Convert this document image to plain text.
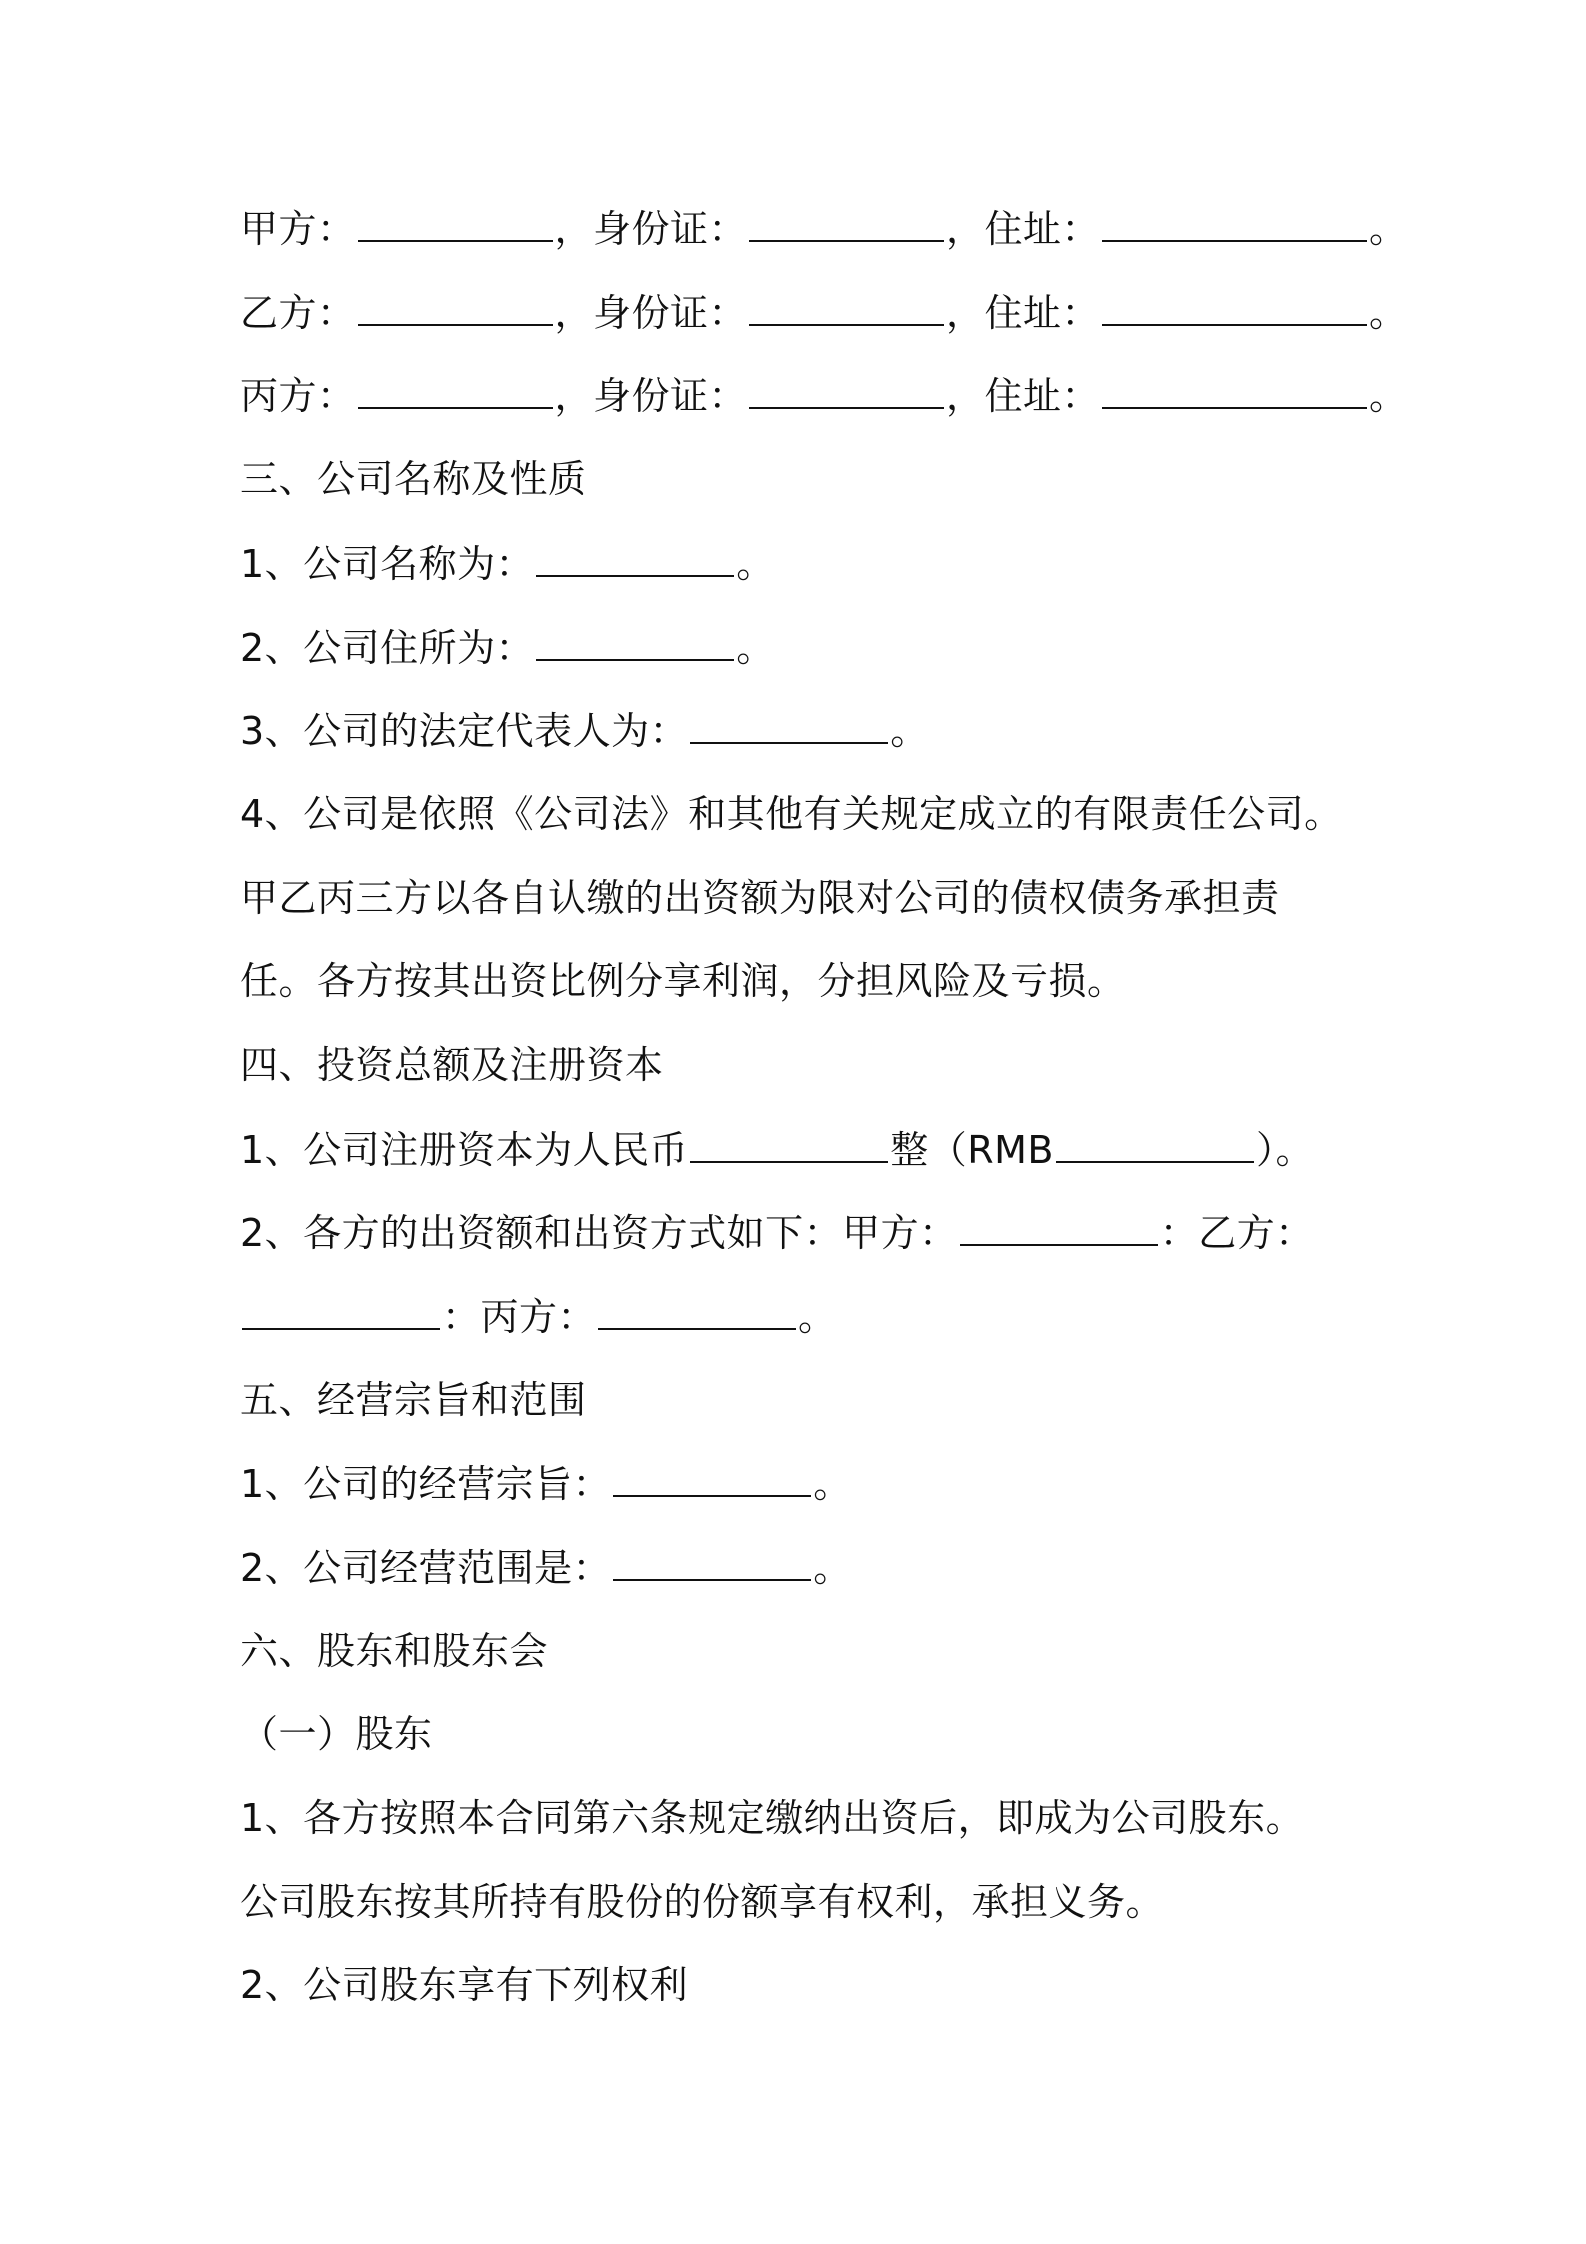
甲方：	，身份证：	，住址：	。
乙方：	，身份证：	，住址：	。
丙方：	，身份证：	，住址：	。
三、公司名称及性质
1、公司名称为：	。
2、公司住所为：	。
3、公司的法定代表人为：	。
4、公司是依照《公司法》和其他有关规定成立的有限责任公司。
甲乙丙三方以各自认缴的出资额为限对公司的债权债务承担责
任。各方按其出资比例分享利润，分担风险及亏损。
四、投资总额及注册资本
1、公司注册资本为人民币	整（RMB	）。
2、各方的出资额和出资方式如下：甲方：	：乙方：
：丙方：	。
五、经营宗旨和范围
1、公司的经营宗旨：	。
2、公司经营范围是：	。
六、股东和股东会
（一）股东
1、各方按照本合同第六条规定缴纳出资后，即成为公司股东。
公司股东按其所持有股份的份额享有权利，承担义务。
2、公司股东享有下列权利
